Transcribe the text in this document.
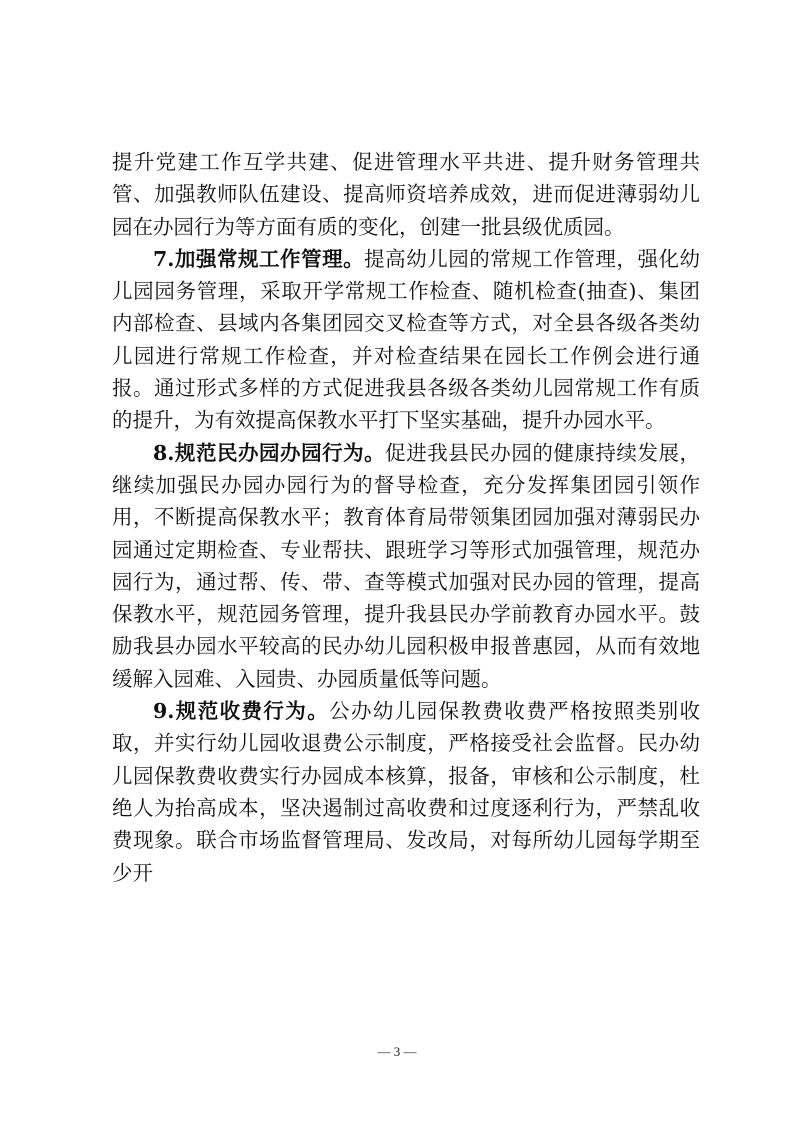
提升党建工作互学共建、促进管理水平共进、提升财务管理共管、加强教师队伍建设、提高师资培养成效，进而促进薄弱幼儿园在办园行为等方面有质的变化，创建一批县级优质园。

7.加强常规工作管理。提高幼儿园的常规工作管理，强化幼儿园园务管理，采取开学常规工作检查、随机检查(抽查)、集团内部检查、县域内各集团园交叉检查等方式，对全县各级各类幼儿园进行常规工作检查，并对检查结果在园长工作例会进行通报。通过形式多样的方式促进我县各级各类幼儿园常规工作有质的提升，为有效提高保教水平打下坚实基础，提升办园水平。

8.规范民办园办园行为。促进我县民办园的健康持续发展，继续加强民办园办园行为的督导检查，充分发挥集团园引领作用，不断提高保教水平；教育体育局带领集团园加强对薄弱民办园通过定期检查、专业帮扶、跟班学习等形式加强管理，规范办园行为，通过帮、传、带、查等模式加强对民办园的管理，提高保教水平，规范园务管理，提升我县民办学前教育办园水平。鼓励我县办园水平较高的民办幼儿园积极申报普惠园，从而有效地缓解入园难、入园贵、办园质量低等问题。

9.规范收费行为。公办幼儿园保教费收费严格按照类别收取，并实行幼儿园收退费公示制度，严格接受社会监督。民办幼儿园保教费收费实行办园成本核算，报备，审核和公示制度，杜绝人为抬高成本，坚决遏制过高收费和过度逐利行为，严禁乱收费现象。联合市场监督管理局、发改局，对每所幼儿园每学期至少开

— 3 —
